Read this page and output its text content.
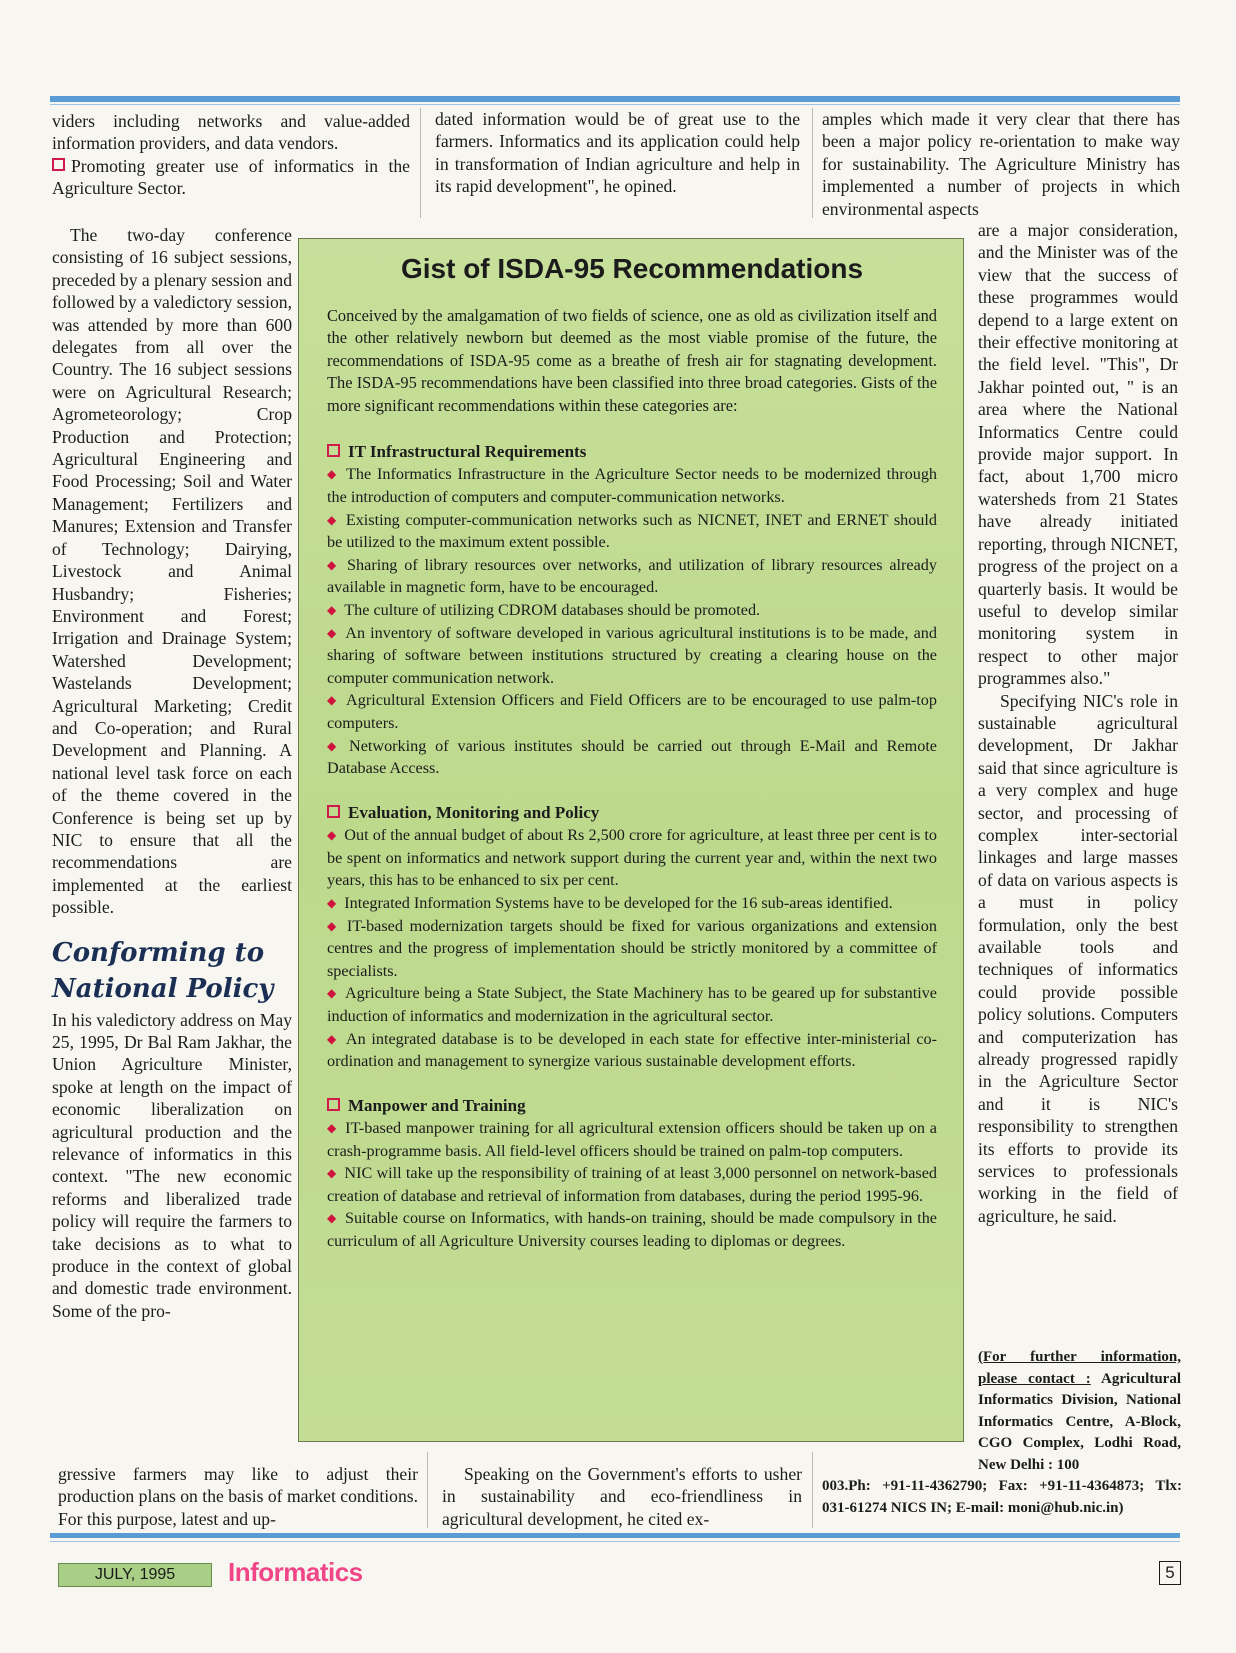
viders including networks and value-added information providers, and data vendors.

Promoting greater use of informatics in the Agriculture Sector.

The two-day conference consisting of 16 subject sessions, preceded by a plenary session and followed by a valedictory session, was attended by more than 600 delegates from all over the Country. The 16 subject sessions were on Agricultural Research; Agrometeorology; Crop Production and Protection; Agricultural Engineering and Food Processing; Soil and Water Management; Fertilizers and Manures; Extension and Transfer of Technology; Dairying, Livestock and Animal Husbandry; Fisheries; Environment and Forest; Irrigation and Drainage System; Watershed Development; Wastelands Development; Agricultural Marketing; Credit and Co-operation; and Rural Development and Planning. A national level task force on each of the theme covered in the Conference is being set up by NIC to ensure that all the recommendations are implemented at the earliest possible.

Conforming to National Policy

In his valedictory address on May 25, 1995, Dr Bal Ram Jakhar, the Union Agriculture Minister, spoke at length on the impact of economic liberalization on agricultural production and the relevance of informatics in this context. "The new economic reforms and liberalized trade policy will require the farmers to take decisions as to what to produce in the context of global and domestic trade environment. Some of the pro-

gressive farmers may like to adjust their production plans on the basis of market conditions. For this purpose, latest and up-

dated information would be of great use to the farmers. Informatics and its application could help in transformation of Indian agriculture and help in its rapid development", he opined.

Speaking on the Government's efforts to usher in sustainability and eco-friendliness in agricultural development, he cited ex-

amples which made it very clear that there has been a major policy re-orientation to make way for sustainability. The Agriculture Ministry has implemented a number of projects in which environmental aspects

are a major consideration, and the Minister was of the view that the success of these programmes would depend to a large extent on their effective monitoring at the field level. "This", Dr Jakhar pointed out, " is an area where the National Informatics Centre could provide major support. In fact, about 1,700 micro watersheds from 21 States have already initiated reporting, through NICNET, progress of the project on a quarterly basis. It would be useful to develop similar monitoring system in respect to other major programmes also."

Specifying NIC's role in sustainable agricultural development, Dr Jakhar said that since agriculture is a very complex and huge sector, and processing of complex inter-sectorial linkages and large masses of data on various aspects is a must in policy formulation, only the best available tools and techniques of informatics could provide possible policy solutions. Computers and computerization has already progressed rapidly in the Agriculture Sector and it is NIC's responsibility to strengthen its efforts to provide its services to professionals working in the field of agriculture, he said.

(For further information, please contact : Agricultural Informatics Division, National Informatics Centre, A-Block, CGO Complex, Lodhi Road, New Delhi : 100
003.Ph: +91-11-4362790; Fax: +91-11-4364873; Tlx: 031-61274 NICS IN; E-mail: moni@hub.nic.in)
Gist of ISDA-95 Recommendations

Conceived by the amalgamation of two fields of science, one as old as civilization itself and the other relatively newborn but deemed as the most viable promise of the future, the recommendations of ISDA-95 come as a breathe of fresh air for stagnating development. The ISDA-95 recommendations have been classified into three broad categories. Gists of the more significant recommendations within these categories are:

IT Infrastructural Requirements

◆ The Informatics Infrastructure in the Agriculture Sector needs to be modernized through the introduction of computers and computer-communication networks.

◆ Existing computer-communication networks such as NICNET, INET and ERNET should be utilized to the maximum extent possible.

◆ Sharing of library resources over networks, and utilization of library resources already available in magnetic form, have to be encouraged.

◆ The culture of utilizing CDROM databases should be promoted.

◆ An inventory of software developed in various agricultural institutions is to be made, and sharing of software between institutions structured by creating a clearing house on the computer communication network.

◆ Agricultural Extension Officers and Field Officers are to be encouraged to use palm-top computers.

◆ Networking of various institutes should be carried out through E-Mail and Remote Database Access.

Evaluation, Monitoring and Policy

◆ Out of the annual budget of about Rs 2,500 crore for agriculture, at least three per cent is to be spent on informatics and network support during the current year and, within the next two years, this has to be enhanced to six per cent.

◆ Integrated Information Systems have to be developed for the 16 sub-areas identified.

◆ IT-based modernization targets should be fixed for various organizations and extension centres and the progress of implementation should be strictly monitored by a committee of specialists.

◆ Agriculture being a State Subject, the State Machinery has to be geared up for substantive induction of informatics and modernization in the agricultural sector.

◆ An integrated database is to be developed in each state for effective inter-ministerial co-ordination and management to synergize various sustainable development efforts.

Manpower and Training

◆ IT-based manpower training for all agricultural extension officers should be taken up on a crash-programme basis. All field-level officers should be trained on palm-top computers.

◆ NIC will take up the responsibility of training of at least 3,000 personnel on network-based creation of database and retrieval of information from databases, during the period 1995-96.

◆ Suitable course on Informatics, with hands-on training, should be made compulsory in the curriculum of all Agriculture University courses leading to diplomas or degrees.

JULY, 1995	Informatics	5
